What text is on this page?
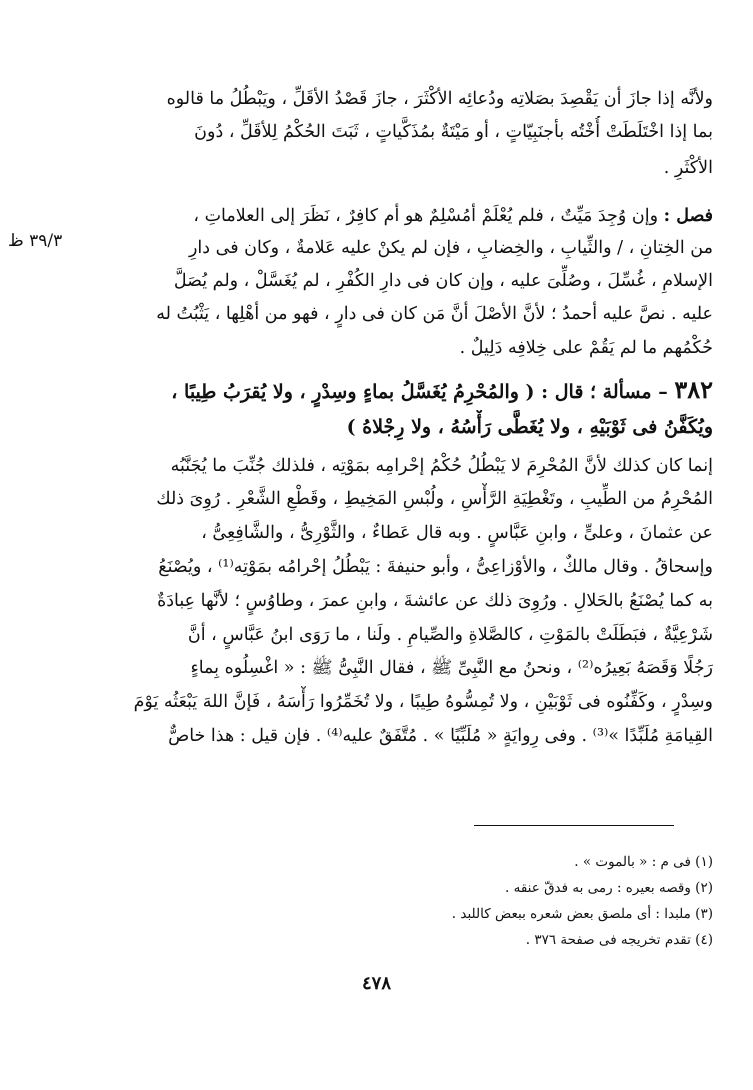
ولأنَّه إذا جازَ أن يَقْصِدَ بصَلاتِه ودُعائِه الأكْثَرَ ، جازَ قَصْدُ الأقَلِّ ، ويَبْطُلُ ما قالوه
بما إذا اخْتَلَطَتْ أُخْتُه بأجنَبِيّاتٍ ، أو مَيْتَةٌ بمُذَكَّياتٍ ، ثَبَتَ الحُكْمُ لِلأقَلِّ ، دُونَ
الأكْثَرِ .
فصل : وإن وُجِدَ مَيِّتٌ ، فلم يُعْلَمْ أمُسْلِمٌ هو أم كافِرٌ ، نَظَرَ إلى العلاماتِ ،
٣٩/٣ ظ	من الخِتانِ ، / والثِّيابِ ، والخِضابِ ، فإن لم يكنْ عليه عَلامةٌ ، وكان فى دارِ
الإسلامِ ، غُسِّلَ ، وصُلِّىَ عليه ، وإن كان فى دارِ الكُفْرِ ، لم يُغَسَّلْ ، ولم يُصَلَّ
عليه . نصَّ عليه أحمدُ ؛ لأنَّ الأصْلَ أنَّ مَن كان فى دارٍ ، فهو من أهْلِها ، يَثْبُتُ له
حُكْمُهم ما لم يَقُمْ على خِلافِه دَلِيلٌ .
٣٨٢ – مسألة ؛ قال : ( والمُحْرِمُ يُغَسَّلُ بماءٍ وسِدْرٍ ، ولا يُقرَبُ طِيبًا ،
ويُكَفَّنُ فى ثَوْبَيْهِ ، ولا يُغَطَّى رَأْسُهُ ، ولا رِجْلاهُ )
إنما كان كذلك لأنَّ المُحْرِمَ لا يَبْطُلُ حُكْمُ إحْرامِه بمَوْتِه ، فلذلك جُنِّبَ ما يُجَنَّبُه
المُحْرِمُ من الطِّيبِ ، وتَغْطِيَةِ الرَّأْسِ ، ولُبْسِ المَخِيطِ ، وقَطْعِ الشَّعْرِ . رُوِىَ ذلك
عن عثمانَ ، وعلىٍّ ، وابنِ عَبَّاسٍ . وبه قال عَطاءٌ ، والثَّوْرِىُّ ، والشَّافِعِىُّ ،
وإسحاقُ . وقال مالكٌ ، والأوْزاعِىُّ ، وأبو حنيفةَ : يَبْطُلُ إحْرامُه بمَوْتِه⁽¹⁾ ، ويُصْنَعُ
به كما يُصْنَعُ بالحَلالِ . ورُوِىَ ذلك عن عائشةَ ، وابنِ عمرَ ، وطاوُسٍ ؛ لأنَّها عِبادَةٌ
شَرْعِيَّةٌ ، فبَطَلَتْ بالمَوْتِ ، كالصَّلاةِ والصِّيامِ . ولَنا ، ما رَوَى ابنُ عَبَّاسٍ ، أنَّ
رَجُلًا وَقَصَهُ بَعِيرُه⁽²⁾ ، ونحنُ مع النَّبِىِّ ﷺ ، فقال النَّبِىُّ ﷺ : « اغْسِلُوه بِماءٍ
وسِدْرٍ ، وكَفِّنُوه فى ثَوْبَيْنِ ، ولا تُمِسُّوهُ طِيبًا ، ولا تُخَمِّرُوا رَأْسَهُ ، فَإنَّ اللهَ يَبْعَثُه يَوْمَ
القِيامَةِ مُلَبِّدًا »⁽³⁾ . وفى رِوايَةٍ « مُلَبِّيًا » . مُتَّفَقٌ عليه⁽⁴⁾ . فإن قيل : هذا خاصٌّ
(١) فى م : « بالموت » .
(٢) وقصه بعيره : رمى به فدقّ عنقه .
(٣) ملبدا : أى ملصق بعض شعره ببعض كاللبد .
(٤) تقدم تخريجه فى صفحة ٣٧٦ .
٤٧٨
